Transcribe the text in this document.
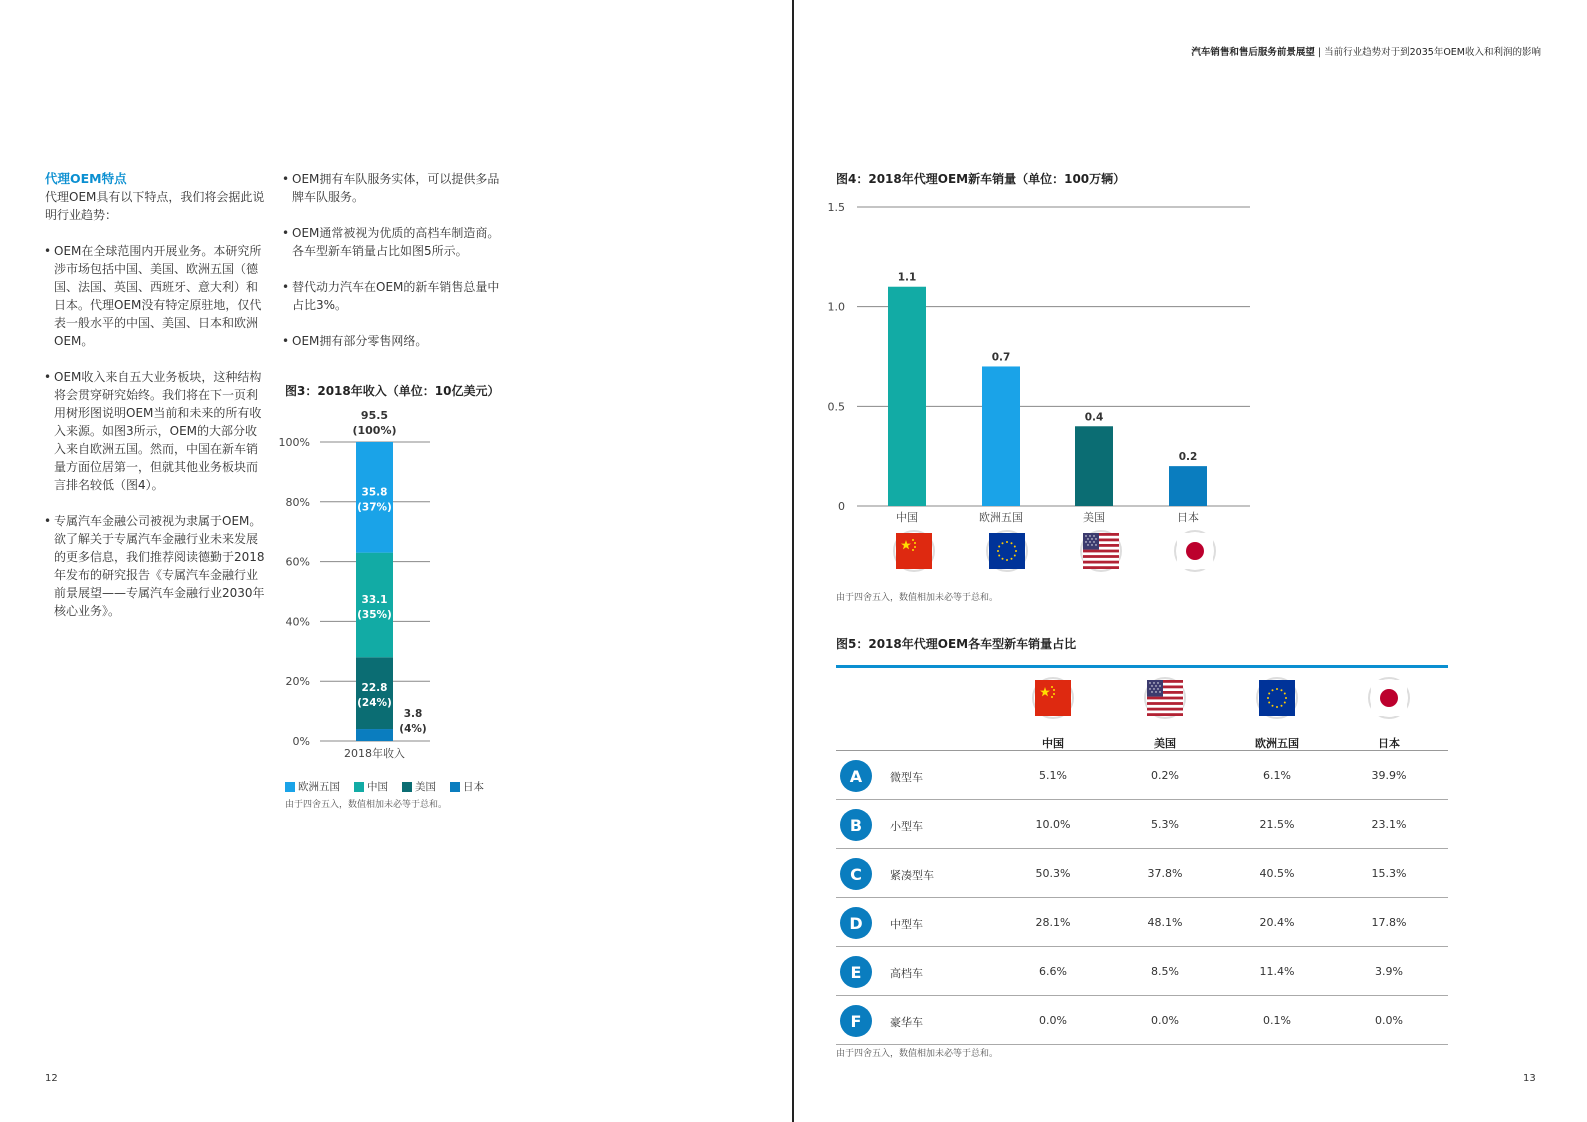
汽车销售和售后服务前景展望 | 当前行业趋势对于到2035年OEM收入和利润的影响
代理OEM特点

代理OEM具有以下特点，我们将会据此说明行业趋势：

• OEM在全球范围内开展业务。本研究所涉市场包括中国、美国、欧洲五国（德国、法国、英国、西班牙、意大利）和日本。代理OEM没有特定原驻地，仅代表一般水平的中国、美国、日本和欧洲OEM。
• OEM收入来自五大业务板块，这种结构将会贯穿研究始终。我们将在下一页利用树形图说明OEM当前和未来的所有收入来源。如图3所示，OEM的大部分收入来自欧洲五国。然而，中国在新车销量方面位居第一，但就其他业务板块而言排名较低（图4）。
• 专属汽车金融公司被视为隶属于OEM。欲了解关于专属汽车金融行业未来发展的更多信息，我们推荐阅读德勤于2018年发布的研究报告《专属汽车金融行业前景展望——专属汽车金融行业2030年核心业务》。
• OEM拥有车队服务实体，可以提供多品牌车队服务。
• OEM通常被视为优质的高档车制造商。各车型新车销量占比如图5所示。
• 替代动力汽车在OEM的新车销售总量中占比3%。
• OEM拥有部分零售网络。
图3：2018年收入（单位：10亿美元）
0%
20%
40%
60%
80%
100%
3.8
(4%)
22.8
(24%)
33.1
(35%)
35.8
(37%)
95.5
(100%)
2018年收入
欧洲五国	中国	美国	日本
由于四舍五入，数值相加未必等于总和。
12
图4：2018年代理OEM新车销量（单位：100万辆）
0
0.5
1.0
1.5
1.1
中国
0.7
欧洲五国
0.4
美国
0.2
日本
由于四舍五入，数值相加未必等于总和。
图5：2018年代理OEM各车型新车销量占比
中国	美国	欧洲五国	日本
A	微型车	5.1%	0.2%	6.1%	39.9%
B	小型车	10.0%	5.3%	21.5%	23.1%
C	紧凑型车	50.3%	37.8%	40.5%	15.3%
D	中型车	28.1%	48.1%	20.4%	17.8%
E	高档车	6.6%	8.5%	11.4%	3.9%
F	豪华车	0.0%	0.0%	0.1%	0.0%
由于四舍五入，数值相加未必等于总和。
13
